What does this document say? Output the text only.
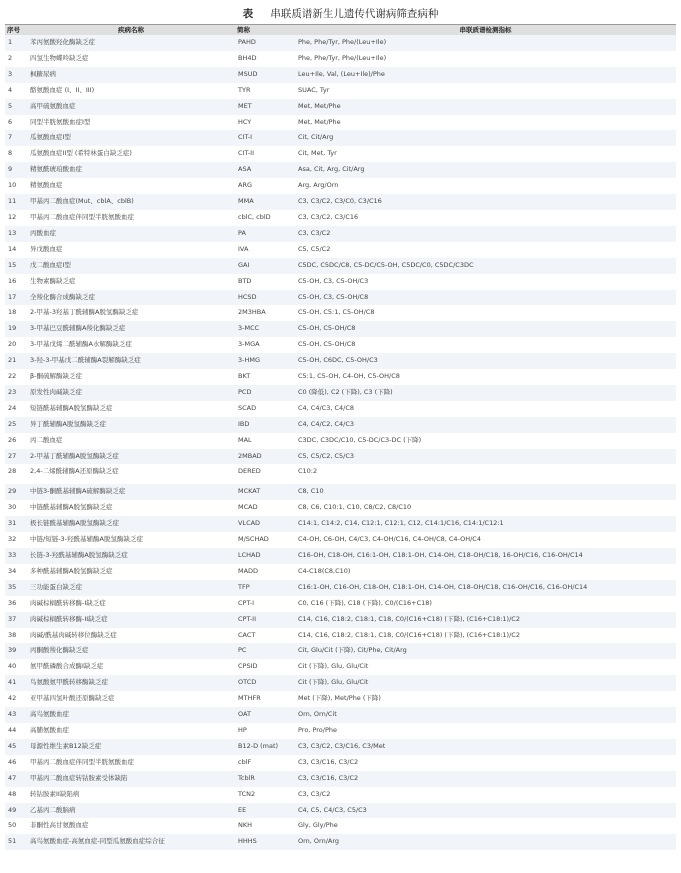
表 串联质谱新生儿遗传代谢病筛查病种
序号	疾病名称	简称	串联质谱检测指标
1	苯丙氨酸羟化酶缺乏症	PAHD	Phe, Phe/Tyr, Phe/(Leu+Ile)
2	四氢生物蝶呤缺乏症	BH4D	Phe, Phe/Tyr, Phe/(Leu+Ile)
3	枫糖尿病	MSUD	Leu+Ile, Val, (Leu+Ile)/Phe
4	酪氨酸血症 (I、II、III)	TYR	SUAC, Tyr
5	高甲硫氨酸血症	MET	Met, Met/Phe
6	同型半胱氨酸血症I型	HCY	Met, Met/Phe
7	瓜氨酸血症I型	CIT-I	Cit, Cit/Arg
8	瓜氨酸血症II型 (希特林蛋白缺乏症)	CIT-II	Cit, Met, Tyr
9	精氨酰琥珀酸血症	ASA	Asa, Cit, Arg, Cit/Arg
10	精氨酸血症	ARG	Arg, Arg/Orn
11	甲基丙二酸血症(Mut、cblA、cblB)	MMA	C3, C3/C2, C3/C0, C3/C16
12	甲基丙二酸血症伴同型半胱氨酸血症	cblC, cblD	C3, C3/C2, C3/C16
13	丙酸血症	PA	C3, C3/C2
14	异戊酸血症	IVA	C5, C5/C2
15	戊二酸血症I型	GAI	C5DC, C5DC/C8, C5-DC/C5-OH, C5DC/C0, C5DC/C3DC
16	生物素酶缺乏症	BTD	C5-OH, C3, C5-OH/C3
17	全羧化酶合成酶缺乏症	HCSD	C5-OH, C3, C5-OH/C8
18	2-甲基-3羟基丁酰辅酶A脱氢酶缺乏症	2M3HBA	C5-OH, C5:1, C5-OH/C8
19	3-甲基巴豆酰辅酶A羧化酶缺乏症	3-MCC	C5-OH, C5-OH/C8
20	3-甲基戊烯二酰辅酶A水解酶缺乏症	3-MGA	C5-OH, C5-OH/C8
21	3-羟-3-甲基戊二酰辅酶A裂解酶缺乏症	3-HMG	C5-OH, C6DC, C5-OH/C3
22	β-酮硫解酶缺乏症	BKT	C5:1, C5-OH, C4-OH, C5-OH/C8
23	原发性肉碱缺乏症	PCD	C0 (降低), C2 (下降), C3 (下降)
24	短链酰基辅酶A脱氢酶缺乏症	SCAD	C4, C4/C3, C4/C8
25	异丁酰辅酶A脱氢酶缺乏症	IBD	C4, C4/C2, C4/C3
26	丙二酸血症	MAL	C3DC, C3DC/C10, C5-DC/C3-DC (下降)
27	2-甲基丁酰辅酶A脱氢酶缺乏症	2MBAD	C5, C5/C2, C5/C3
28	2,4-二烯酰辅酶A还原酶缺乏症	DERED	C10:2

29	中链3-酮酰基辅酶A硫解酶缺乏症	MCKAT	C8, C10
30	中链酰基辅酶A脱氢酶缺乏症	MCAD	C8, C6, C10:1, C10, C8/C2, C8/C10
31	极长链酰基辅酶A脱氢酶缺乏症	VLCAD	C14:1, C14:2, C14, C12:1, C12:1, C12, C14:1/C16, C14:1/C12:1
32	中链/短链-3-羟酰基辅酶A脱氢酶缺乏症	M/SCHAD	C4-OH, C6-OH, C4/C3, C4-OH/C16, C4-OH/C8, C4-OH/C4
33	长链-3-羟酰基辅酶A脱氢酶缺乏症	LCHAD	C16-OH, C18-OH, C16:1-OH, C18:1-OH, C14-OH, C18-OH/C18, 16-OH/C16, C16-OH/C14
34	多种酰基辅酶A脱氢酶缺乏症	MADD	C4-C18(C8,C10)
35	三功能蛋白缺乏症	TFP	C16:1-OH, C16-OH, C18-OH, C18:1-OH, C14-OH, C18-OH/C18, C16-OH/C16, C16-OH/C14
36	肉碱棕榈酰转移酶-I缺乏症	CPT-I	C0, C16 (下降), C18 (下降), C0/(C16+C18)
37	肉碱棕榈酰转移酶-II缺乏症	CPT-II	C14, C16, C18:2, C18:1, C18, C0/(C16+C18) (下降), (C16+C18:1)/C2
38	肉碱/酰基肉碱转移位酶缺乏症	CACT	C14, C16, C18:2, C18:1, C18, C0/(C16+C18) (下降), (C16+C18:1)/C2
39	丙酮酸羧化酶缺乏症	PC	Cit, Glu/Cit (下降), Cit/Phe, Cit/Arg
40	氨甲酰磷酸合成酶I缺乏症	CPSID	Cit (下降), Glu, Glu/Cit
41	鸟氨酸氨甲酰转移酶缺乏症	OTCD	Cit (下降), Glu, Glu/Cit
42	亚甲基四氢叶酸还原酶缺乏症	MTHFR	Met (下降), Met/Phe (下降)
43	高鸟氨酸血症	OAT	Orn, Orn/Cit
44	高脯氨酸血症	HP	Pro, Pro/Phe
45	母源性维生素B12缺乏症	B12-D (mat)	C3, C3/C2, C3/C16, C3/Met
46	甲基丙二酸血症伴同型半胱氨酸血症	cblF	C3, C3/C16, C3/C2
47	甲基丙二酸血症转钴胺素受体缺陷	TcblR	C3, C3/C16, C3/C2
48	转钴胺素II缺陷病	TCN2	C3, C3/C2
49	乙基丙二酸脑病	EE	C4, C5, C4/C3, C5/C3
50	非酮性高甘氨酸血症	NKH	Gly, Gly/Phe
51	高鸟氨酸血症-高氨血症-同型瓜氨酸血症综合征	HHHS	Orn, Orn/Arg
